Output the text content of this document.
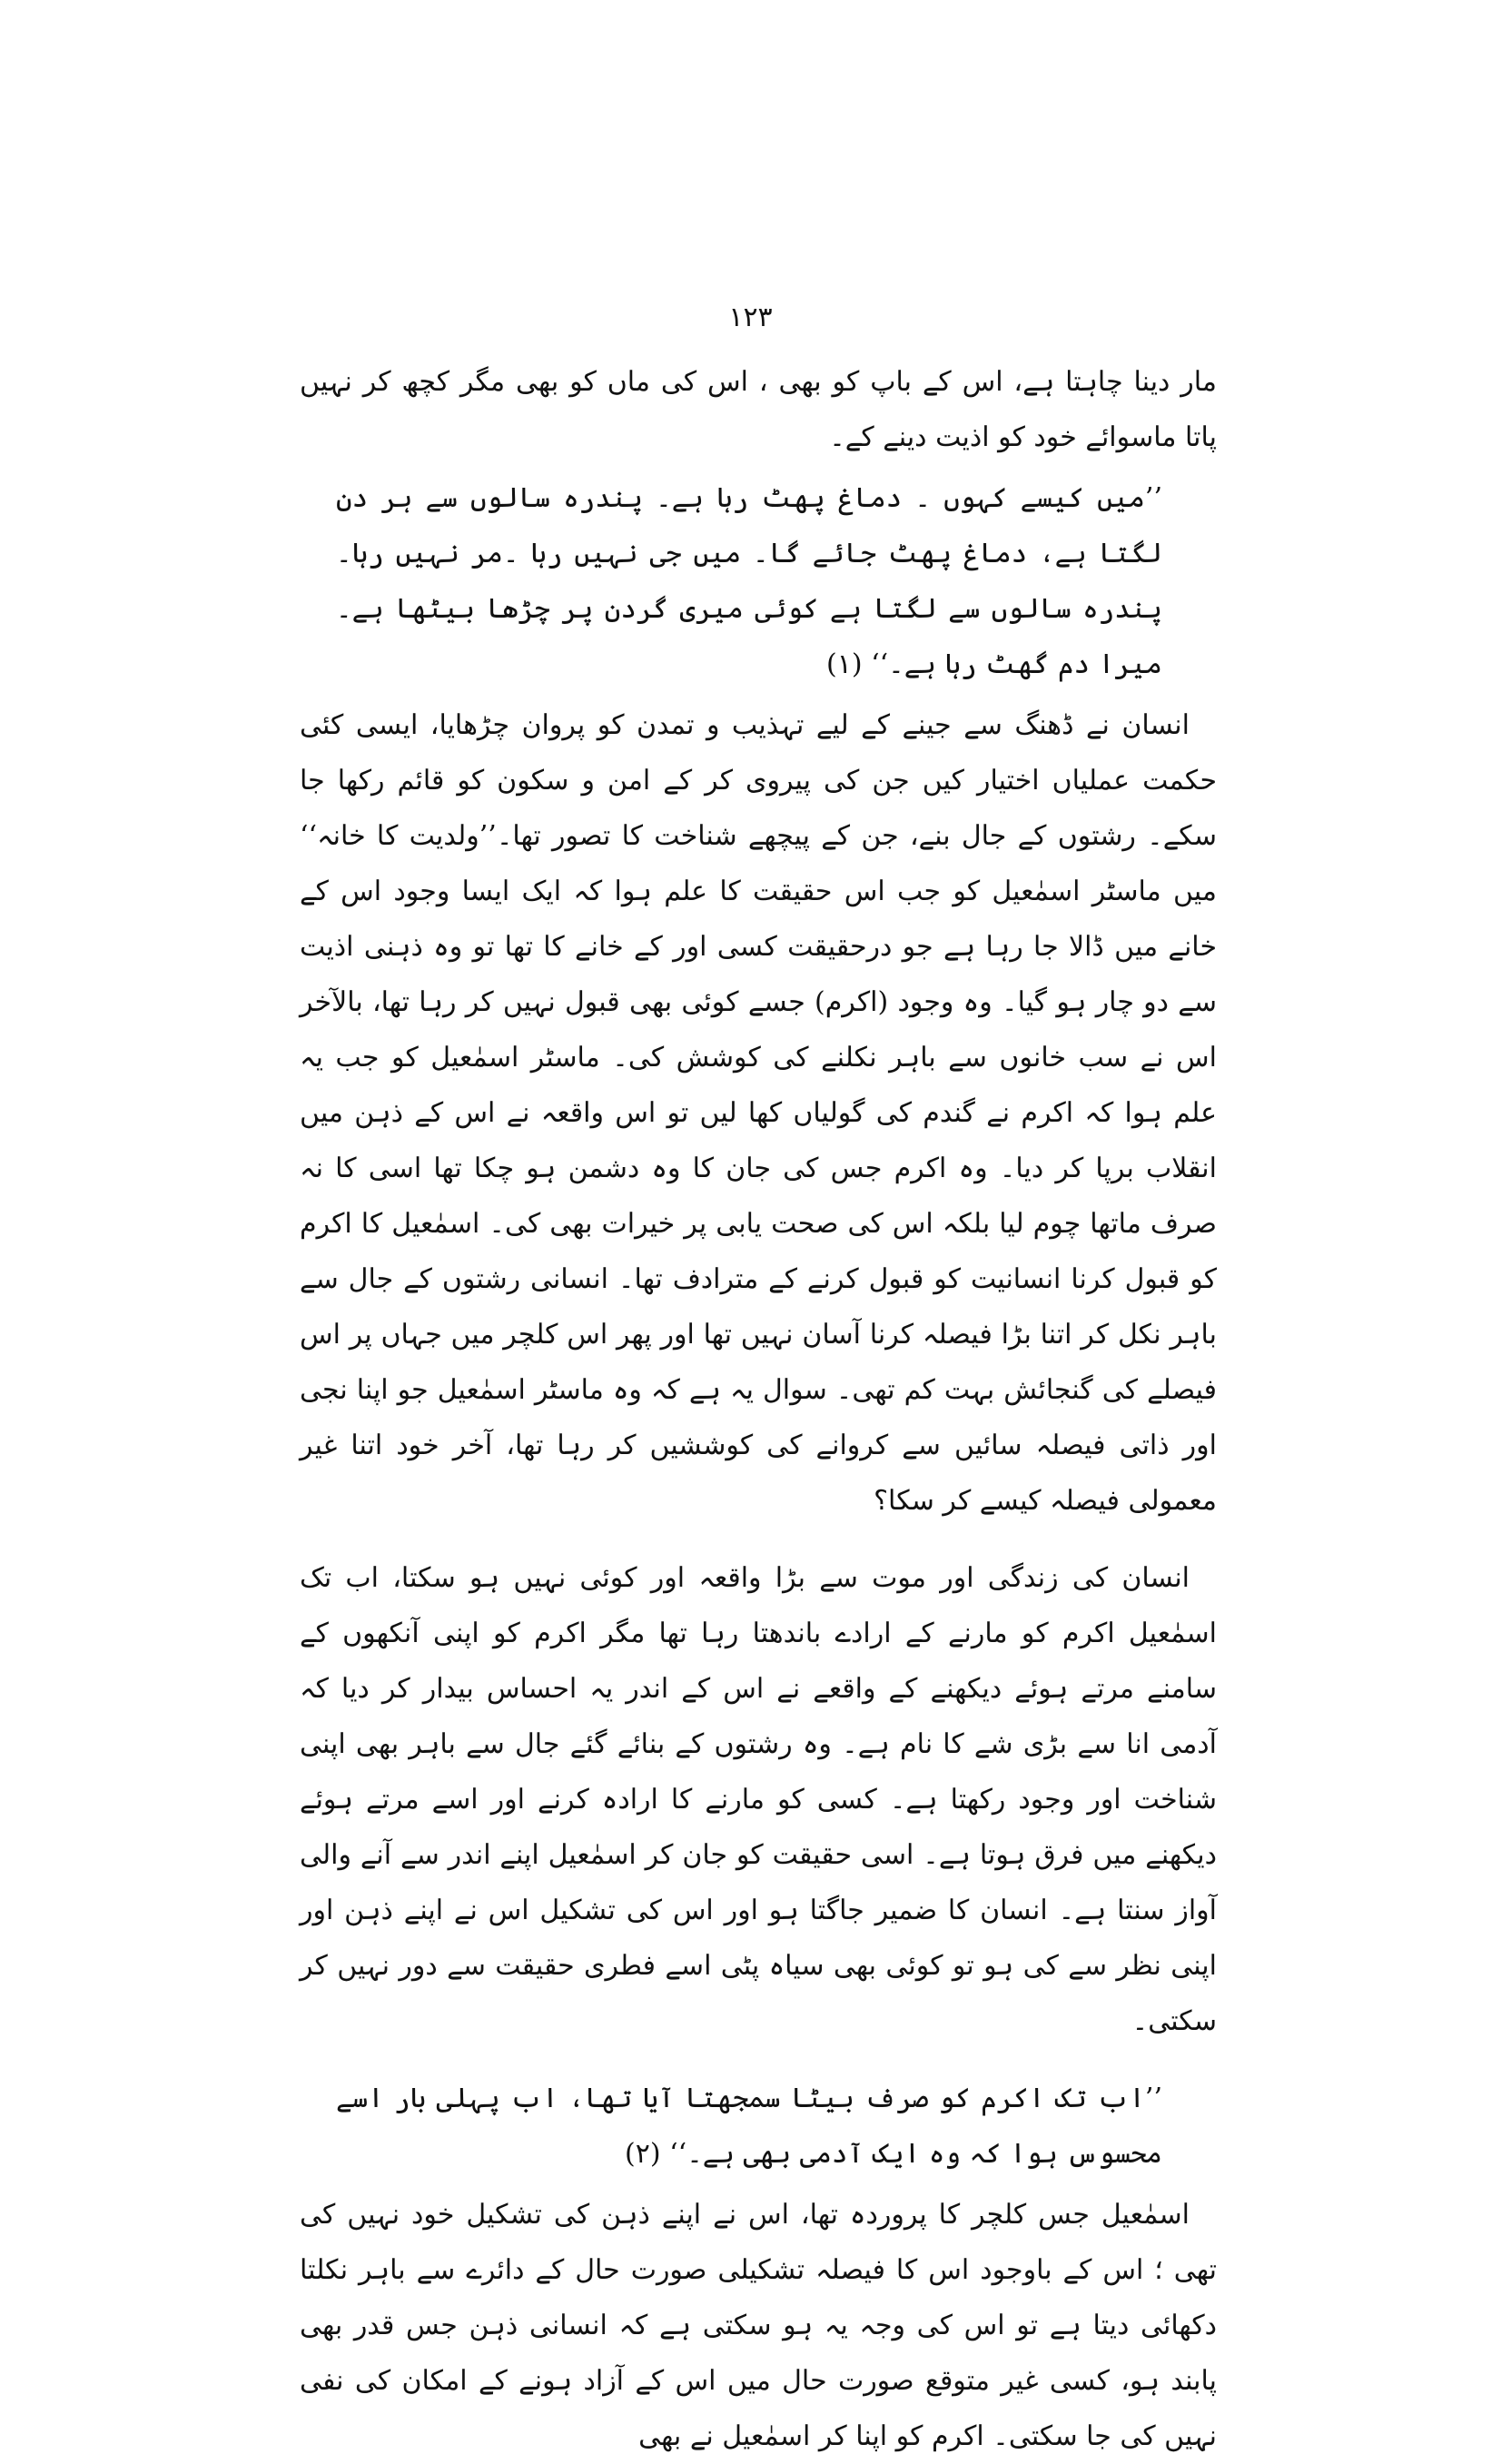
۱۲۳

مار دینا چاہتا ہے، اس کے باپ کو بھی ، اس کی ماں کو بھی مگر کچھ کر نہیں پاتا ماسوائے خود کو اذیت دینے کے۔

’’میں کیسے کہوں ۔ دماغ پھٹ رہا ہے۔ پندرہ سالوں سے ہر دن لگتا ہے، دماغ پھٹ جائے گا۔ میں جی نہیں رہا ۔مر نہیں رہا۔ پندرہ سالوں سے لگتا ہے کوئی میری گردن پر چڑھا بیٹھا ہے۔ میرا دم گھٹ رہا ہے۔‘‘ (۱)

انسان نے ڈھنگ سے جینے کے لیے تہذیب و تمدن کو پروان چڑھایا، ایسی کئی حکمت عملیاں اختیار کیں جن کی پیروی کر کے امن و سکون کو قائم رکھا جا سکے۔ رشتوں کے جال بنے، جن کے پیچھے شناخت کا تصور تھا۔’’ولدیت کا خانہ‘‘ میں ماسٹر اسمٰعیل کو جب اس حقیقت کا علم ہوا کہ ایک ایسا وجود اس کے خانے میں ڈالا جا رہا ہے جو درحقیقت کسی اور کے خانے کا تھا تو وہ ذہنی اذیت سے دو چار ہو گیا۔ وہ وجود (اکرم) جسے کوئی بھی قبول نہیں کر رہا تھا، بالآخر اس نے سب خانوں سے باہر نکلنے کی کوشش کی۔ ماسٹر اسمٰعیل کو جب یہ علم ہوا کہ اکرم نے گندم کی گولیاں کھا لیں تو اس واقعہ نے اس کے ذہن میں انقلاب برپا کر دیا۔ وہ اکرم جس کی جان کا وہ دشمن ہو چکا تھا اسی کا نہ صرف ماتھا چوم لیا بلکہ اس کی صحت یابی پر خیرات بھی کی۔ اسمٰعیل کا اکرم کو قبول کرنا انسانیت کو قبول کرنے کے مترادف تھا۔ انسانی رشتوں کے جال سے باہر نکل کر اتنا بڑا فیصلہ کرنا آسان نہیں تھا اور پھر اس کلچر میں جہاں پر اس فیصلے کی گنجائش بہت کم تھی۔ سوال یہ ہے کہ وہ ماسٹر اسمٰعیل جو اپنا نجی اور ذاتی فیصلہ سائیں سے کروانے کی کوششیں کر رہا تھا، آخر خود اتنا غیر معمولی فیصلہ کیسے کر سکا؟

انسان کی زندگی اور موت سے بڑا واقعہ اور کوئی نہیں ہو سکتا، اب تک اسمٰعیل اکرم کو مارنے کے ارادے باندھتا رہا تھا مگر اکرم کو اپنی آنکھوں کے سامنے مرتے ہوئے دیکھنے کے واقعے نے اس کے اندر یہ احساس بیدار کر دیا کہ آدمی انا سے بڑی شے کا نام ہے۔ وہ رشتوں کے بنائے گئے جال سے باہر بھی اپنی شناخت اور وجود رکھتا ہے۔ کسی کو مارنے کا ارادہ کرنے اور اسے مرتے ہوئے دیکھنے میں فرق ہوتا ہے۔ اسی حقیقت کو جان کر اسمٰعیل اپنے اندر سے آنے والی آواز سنتا ہے۔ انسان کا ضمیر جاگتا ہو اور اس کی تشکیل اس نے اپنے ذہن اور اپنی نظر سے کی ہو تو کوئی بھی سیاہ پٹی اسے فطری حقیقت سے دور نہیں کر سکتی۔

’’اب تک اکرم کو صرف بیٹا سمجھتا آیا تھا، اب پہلی بار اسے محسوس ہوا کہ وہ ایک آدمی بھی ہے۔‘‘ (۲)

اسمٰعیل جس کلچر کا پروردہ تھا، اس نے اپنے ذہن کی تشکیل خود نہیں کی تھی ؛ اس کے باوجود اس کا فیصلہ تشکیلی صورت حال کے دائرے سے باہر نکلتا دکھائی دیتا ہے تو اس کی وجہ یہ ہو سکتی ہے کہ انسانی ذہن جس قدر بھی پابند ہو، کسی غیر متوقع صورت حال میں اس کے آزاد ہونے کے امکان کی نفی نہیں کی جا سکتی۔ اکرم کو اپنا کر اسمٰعیل نے بھی
